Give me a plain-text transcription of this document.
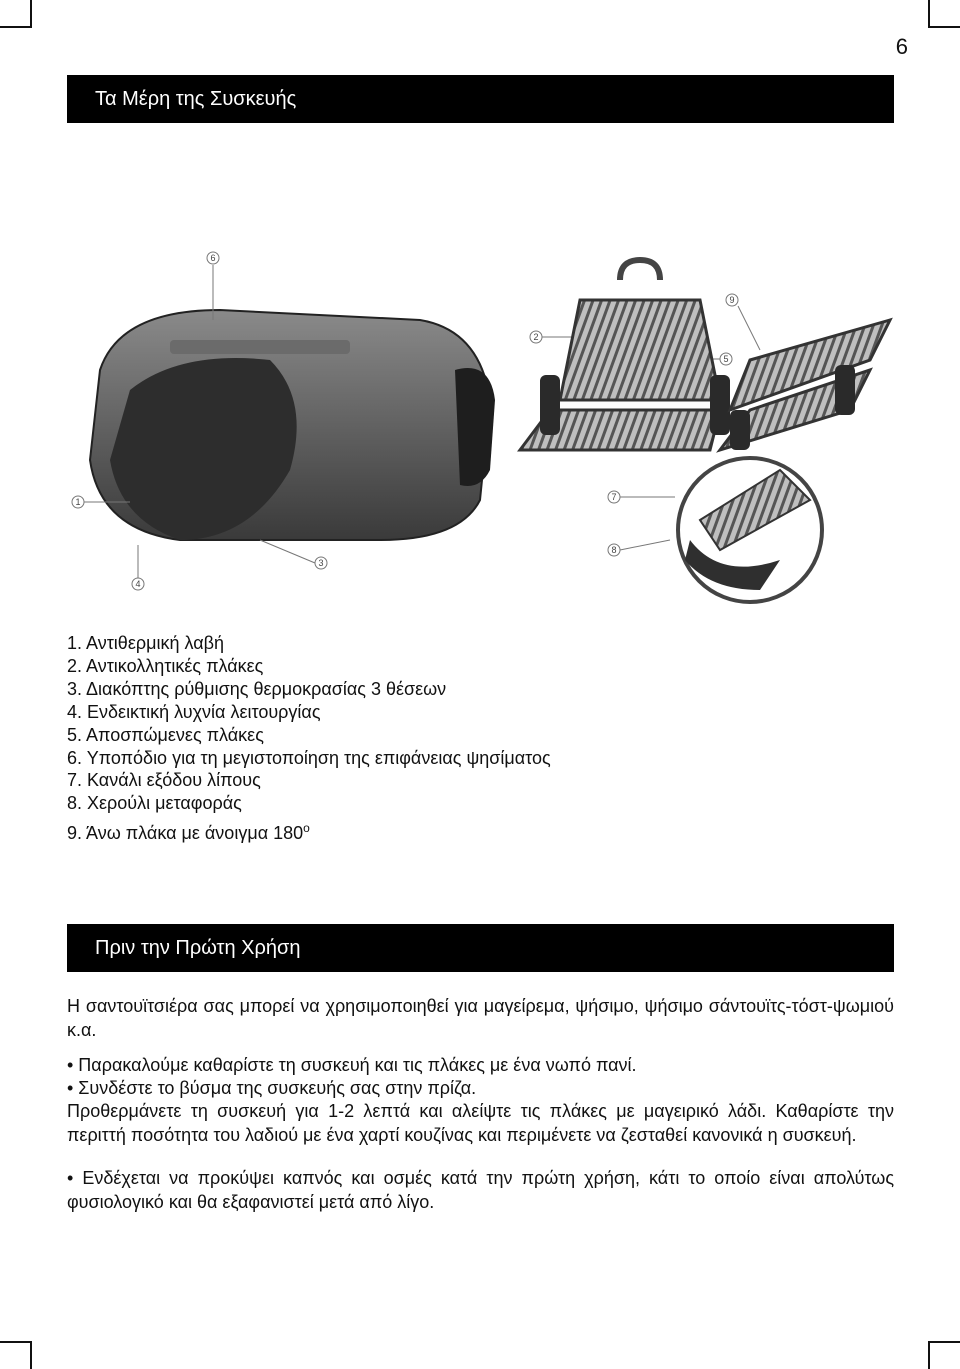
6
Τα Μέρη της Συσκευής
6
1
4
3
2
5
9
7
8
1. Αντιθερμική λαβή
2. Αντικολλητικές πλάκες
3. Διακόπτης ρύθμισης θερμοκρασίας 3 θέσεων
4. Ενδεικτική λυχνία λειτουργίας
5. Αποσπώμενες πλάκες
6. Υποπόδιο για τη μεγιστοποίηση της επιφάνειας ψησίματος
7. Κανάλι εξόδου λίπους
8. Χερούλι μεταφοράς
9. Άνω πλάκα με άνοιγμα $180^o$
Πριν την Πρώτη Χρήση

Η σαντουϊτσιέρα σας μπορεί να χρησιμοποιηθεί για μαγείρεμα, ψήσιμο, ψήσιμο σάντουϊτς-τόστ-ψωμιού κ.α.

• Παρακαλούμε καθαρίστε τη συσκευή και τις πλάκες με ένα νωπό πανί.

• Συνδέστε το βύσμα της συσκευής σας στην πρίζα.

Προθερμάνετε τη συσκευή για 1-2 λεπτά και αλείψτε τις πλάκες με μαγειρικό λάδι. Καθαρίστε την περιττή ποσότητα του λαδιού με ένα χαρτί κουζίνας και περιμένετε να ζεσταθεί κανονικά η συσκευή.

• Ενδέχεται να προκύψει καπνός και οσμές κατά την πρώτη χρήση, κάτι το οποίο είναι απολύτως φυσιολογικό και θα εξαφανιστεί μετά από λίγο.
